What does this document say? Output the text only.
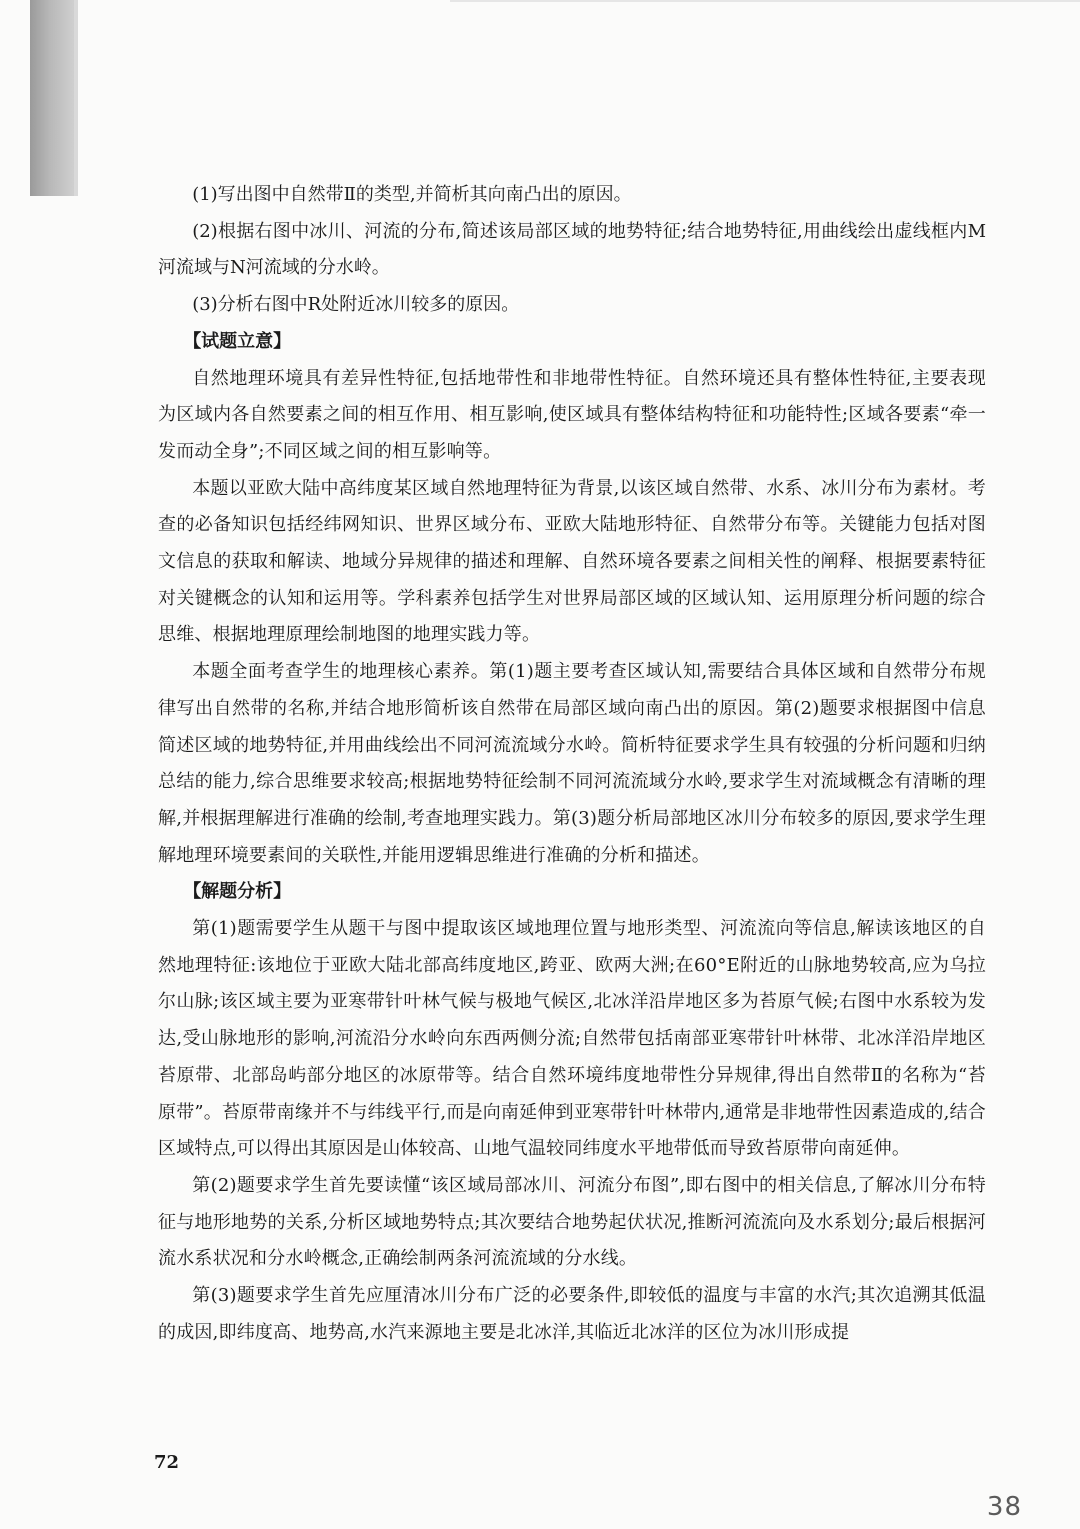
(1)写出图中自然带Ⅱ的类型,并简析其向南凸出的原因。

(2)根据右图中冰川、河流的分布,简述该局部区域的地势特征;结合地势特征,用曲线绘出虚线框内M河流域与N河流域的分水岭。

(3)分析右图中R处附近冰川较多的原因。

【试题立意】

自然地理环境具有差异性特征,包括地带性和非地带性特征。自然环境还具有整体性特征,主要表现为区域内各自然要素之间的相互作用、相互影响,使区域具有整体结构特征和功能特性;区域各要素“牵一发而动全身”;不同区域之间的相互影响等。

本题以亚欧大陆中高纬度某区域自然地理特征为背景,以该区域自然带、水系、冰川分布为素材。考查的必备知识包括经纬网知识、世界区域分布、亚欧大陆地形特征、自然带分布等。关键能力包括对图文信息的获取和解读、地域分异规律的描述和理解、自然环境各要素之间相关性的阐释、根据要素特征对关键概念的认知和运用等。学科素养包括学生对世界局部区域的区域认知、运用原理分析问题的综合思维、根据地理原理绘制地图的地理实践力等。

本题全面考查学生的地理核心素养。第(1)题主要考查区域认知,需要结合具体区域和自然带分布规律写出自然带的名称,并结合地形简析该自然带在局部区域向南凸出的原因。第(2)题要求根据图中信息简述区域的地势特征,并用曲线绘出不同河流流域分水岭。简析特征要求学生具有较强的分析问题和归纳总结的能力,综合思维要求较高;根据地势特征绘制不同河流流域分水岭,要求学生对流域概念有清晰的理解,并根据理解进行准确的绘制,考查地理实践力。第(3)题分析局部地区冰川分布较多的原因,要求学生理解地理环境要素间的关联性,并能用逻辑思维进行准确的分析和描述。

【解题分析】

第(1)题需要学生从题干与图中提取该区域地理位置与地形类型、河流流向等信息,解读该地区的自然地理特征:该地位于亚欧大陆北部高纬度地区,跨亚、欧两大洲;在60°E附近的山脉地势较高,应为乌拉尔山脉;该区域主要为亚寒带针叶林气候与极地气候区,北冰洋沿岸地区多为苔原气候;右图中水系较为发达,受山脉地形的影响,河流沿分水岭向东西两侧分流;自然带包括南部亚寒带针叶林带、北冰洋沿岸地区苔原带、北部岛屿部分地区的冰原带等。结合自然环境纬度地带性分异规律,得出自然带Ⅱ的名称为“苔原带”。苔原带南缘并不与纬线平行,而是向南延伸到亚寒带针叶林带内,通常是非地带性因素造成的,结合区域特点,可以得出其原因是山体较高、山地气温较同纬度水平地带低而导致苔原带向南延伸。

第(2)题要求学生首先要读懂“该区域局部冰川、河流分布图”,即右图中的相关信息,了解冰川分布特征与地形地势的关系,分析区域地势特点;其次要结合地势起伏状况,推断河流流向及水系划分;最后根据河流水系状况和分水岭概念,正确绘制两条河流流域的分水线。

第(3)题要求学生首先应厘清冰川分布广泛的必要条件,即较低的温度与丰富的水汽;其次追溯其低温的成因,即纬度高、地势高,水汽来源地主要是北冰洋,其临近北冰洋的区位为冰川形成提

72
38
